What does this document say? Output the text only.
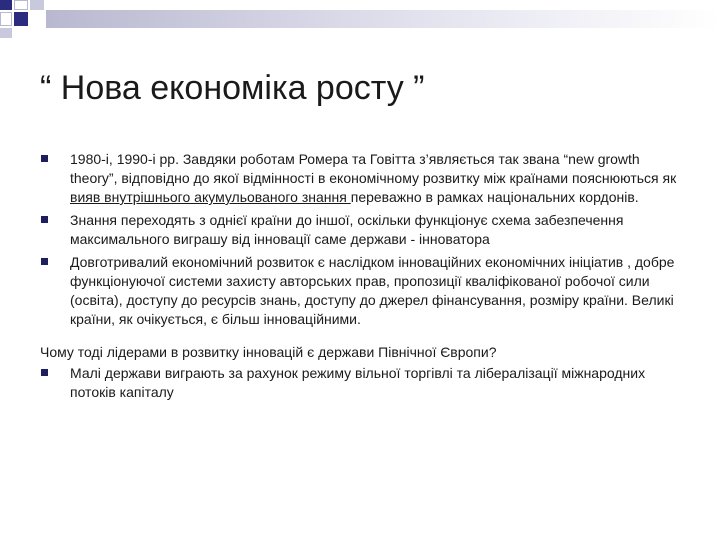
“ Нова економіка росту ”
1980-і, 1990-і рр. Завдяки роботам Ромера та Говітта з’являється так звана “new growth theory”, відповідно до якої відмінності в економічному розвитку між країнами пояснюються як вияв внутрішнього акумульованого знання переважно в рамках національних кордонів.
Знання переходять з однієї країни до іншої, оскільки функціонує схема забезпечення максимального виграшу від інновації саме держави - інноватора
Довготривалий економічний розвиток є наслідком інноваційних економічних ініціатив , добре функціонуючої системи захисту авторських прав, пропозиції кваліфікованої робочої сили (освіта), доступу до ресурсів знань, доступу до джерел фінансування, розміру країни. Великі країни, як очікується, є більш інноваційними.

Чому тоді лідерами в розвитку інновацій є держави Північної Європи?

Малі держави виграють за рахунок режиму вільної торгівлі та лібералізації міжнародних потоків капіталу
